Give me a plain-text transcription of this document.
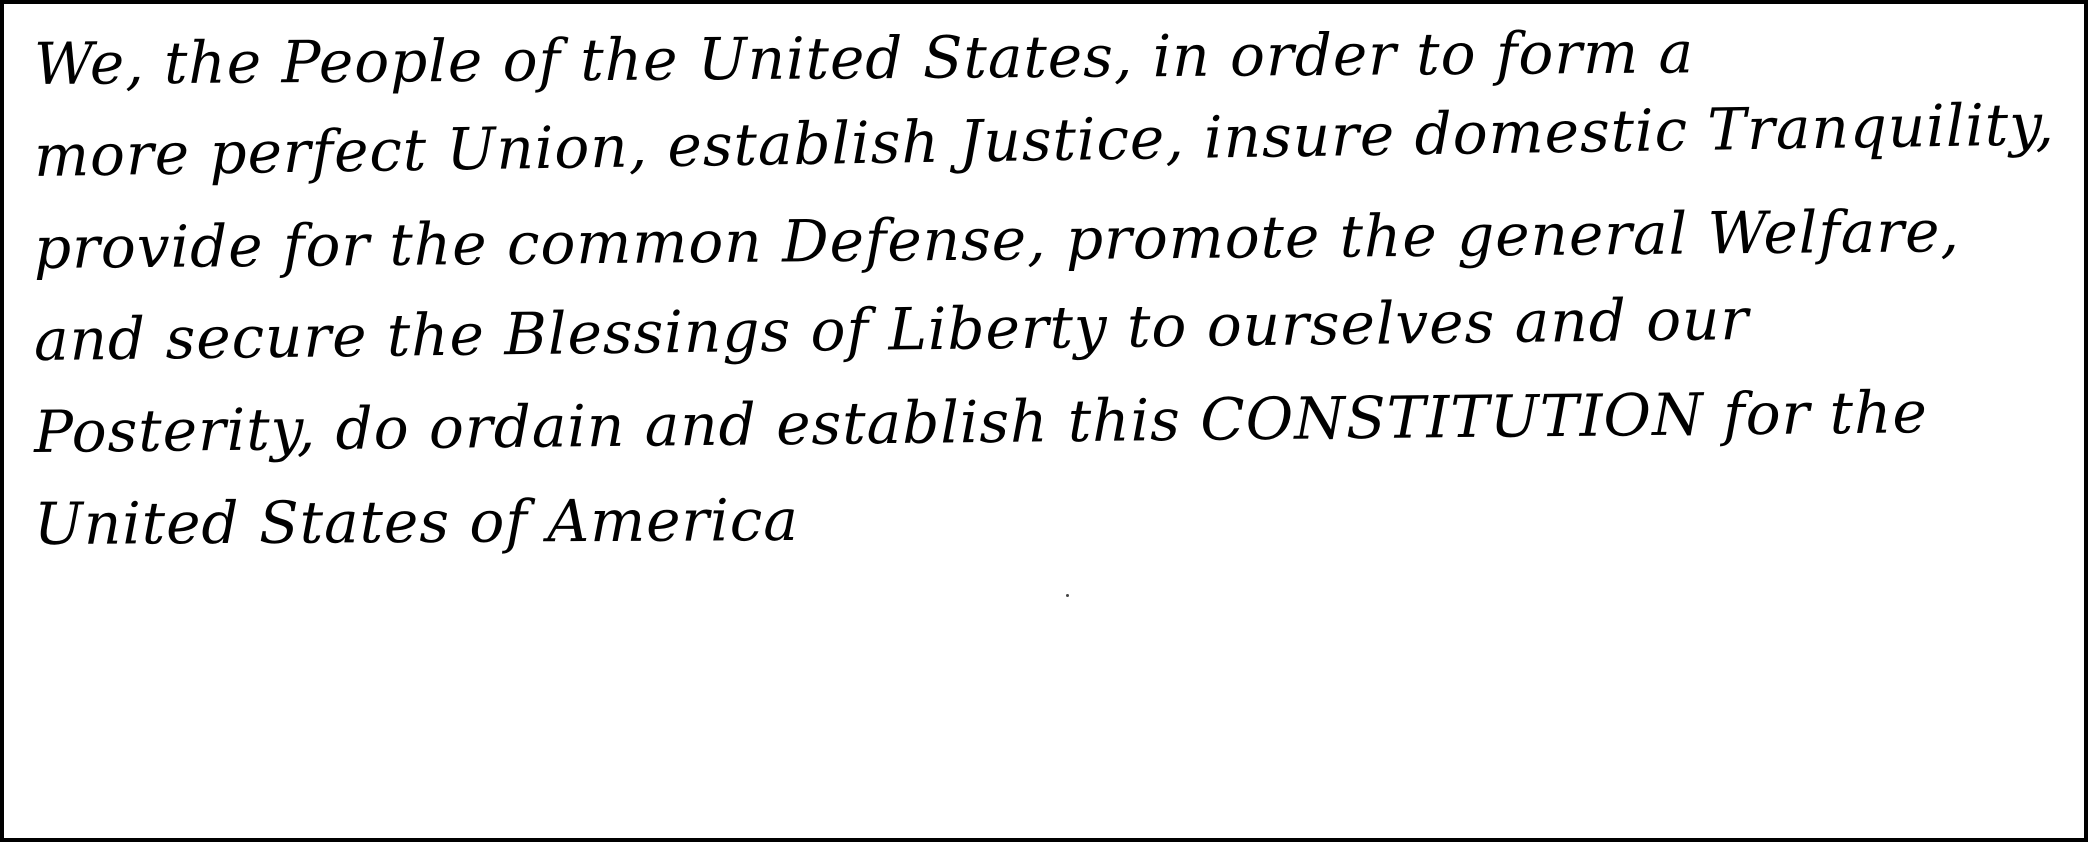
We, the People of the United States, in order to form a
more perfect Union, establish Justice, insure domestic Tranquility,
provide for the common Defense, promote the general Welfare,
and secure the Blessings of Liberty to ourselves and our
Posterity, do ordain and establish this CONSTITUTION for the
United States of America
